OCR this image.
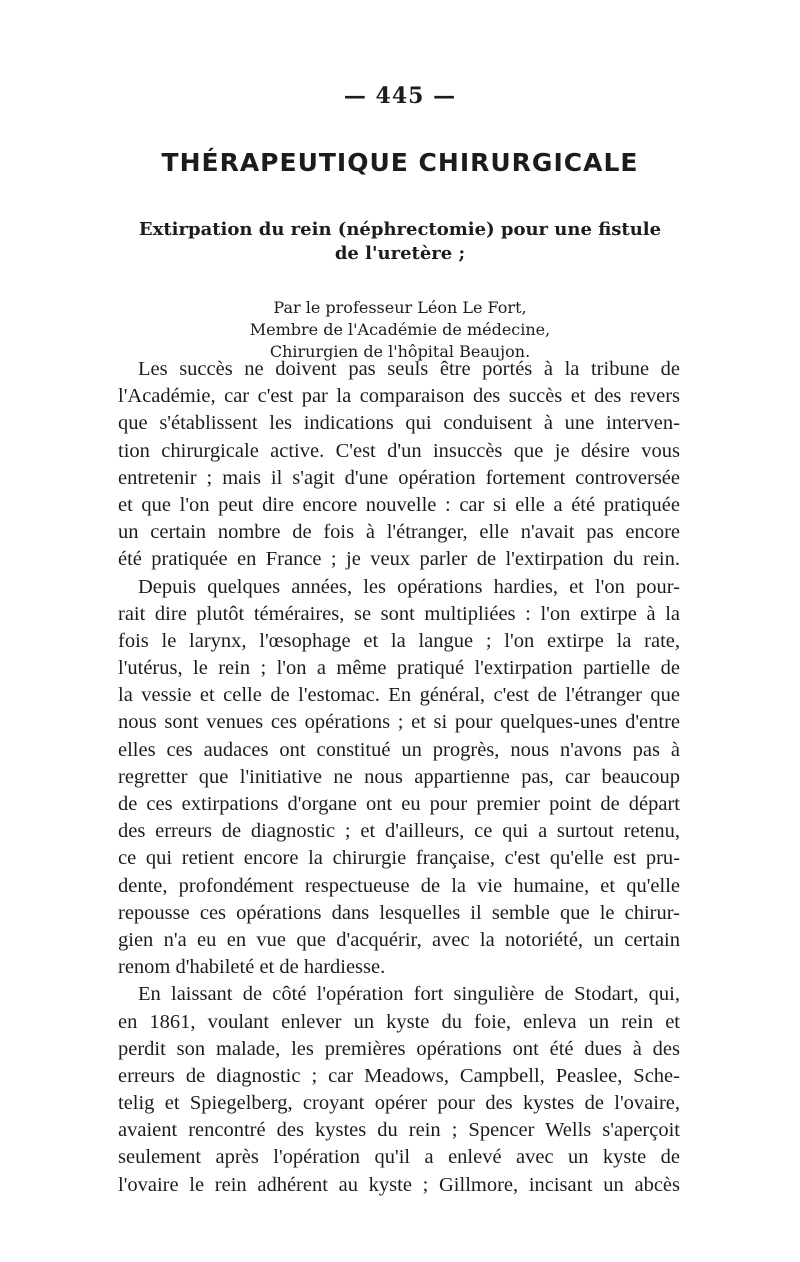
— 445 —
THÉRAPEUTIQUE CHIRURGICALE
Extirpation du rein (néphrectomie) pour une fistule
de l'uretère ;
Par le professeur Léon Le Fort,
Membre de l'Académie de médecine,
Chirurgien de l'hôpital Beaujon.
Les succès ne doivent pas seuls être portés à la tribune de
l'Académie, car c'est par la comparaison des succès et des revers
que s'établissent les indications qui conduisent à une interven-
tion chirurgicale active. C'est d'un insuccès que je désire vous
entretenir ; mais il s'agit d'une opération fortement controversée
et que l'on peut dire encore nouvelle : car si elle a été pratiquée
un certain nombre de fois à l'étranger, elle n'avait pas encore
été pratiquée en France ; je veux parler de l'extirpation du rein.
Depuis quelques années, les opérations hardies, et l'on pour-
rait dire plutôt téméraires, se sont multipliées : l'on extirpe à la
fois le larynx, l'œsophage et la langue ; l'on extirpe la rate,
l'utérus, le rein ; l'on a même pratiqué l'extirpation partielle de
la vessie et celle de l'estomac. En général, c'est de l'étranger que
nous sont venues ces opérations ; et si pour quelques-unes d'entre
elles ces audaces ont constitué un progrès, nous n'avons pas à
regretter que l'initiative ne nous appartienne pas, car beaucoup
de ces extirpations d'organe ont eu pour premier point de départ
des erreurs de diagnostic ; et d'ailleurs, ce qui a surtout retenu,
ce qui retient encore la chirurgie française, c'est qu'elle est pru-
dente, profondément respectueuse de la vie humaine, et qu'elle
repousse ces opérations dans lesquelles il semble que le chirur-
gien n'a eu en vue que d'acquérir, avec la notoriété, un certain
renom d'habileté et de hardiesse.
En laissant de côté l'opération fort singulière de Stodart, qui,
en 1861, voulant enlever un kyste du foie, enleva un rein et
perdit son malade, les premières opérations ont été dues à des
erreurs de diagnostic ; car Meadows, Campbell, Peaslee, Sche-
telig et Spiegelberg, croyant opérer pour des kystes de l'ovaire,
avaient rencontré des kystes du rein ; Spencer Wells s'aperçoit
seulement après l'opération qu'il a enlevé avec un kyste de
l'ovaire le rein adhérent au kyste ; Gillmore, incisant un abcès
